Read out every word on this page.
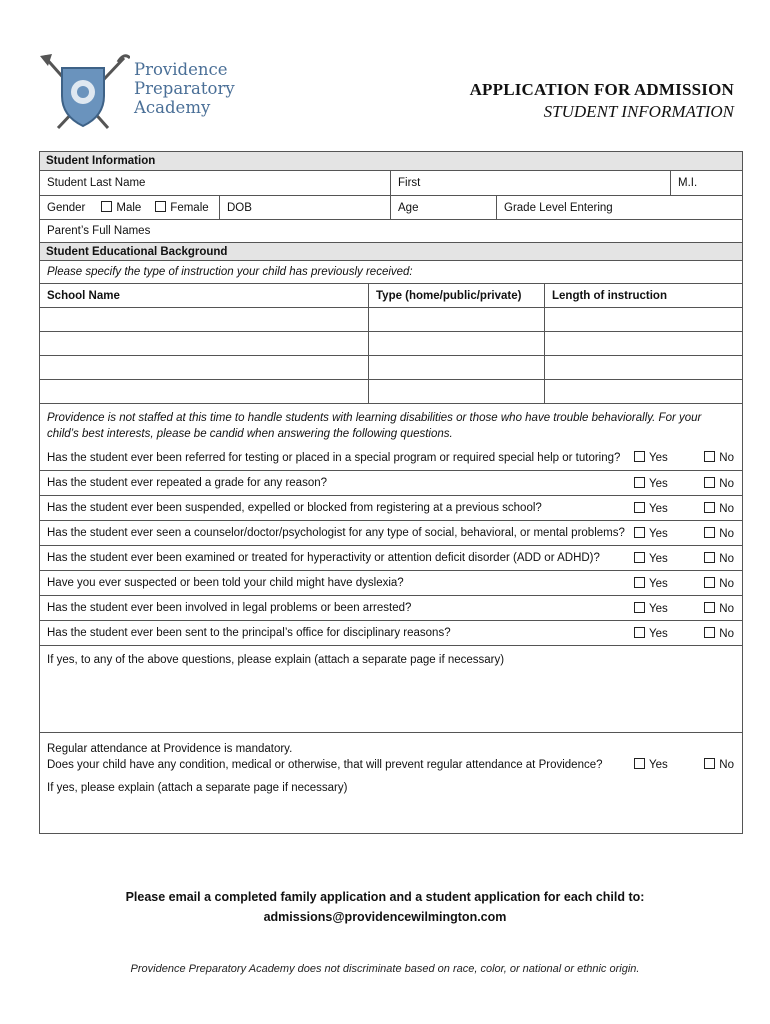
Providence
Preparatory
Academy
APPLICATION FOR ADMISSION
STUDENT INFORMATION
Student Information
Student Last Name	First	M.I.
Gender	Male	Female DOB	Age	Grade Level Entering
Parent’s Full Names
Student Educational Background
Please specify the type of instruction your child has previously received:
School Name	Type (home/public/private)	Length of instruction
Providence is not staffed at this time to handle students with learning disabilities or those who have trouble behaviorally. For your child’s best interests, please be candid when answering the following questions.
Has the student ever been referred for testing or placed in a special program or required special help or tutoring?	Yes	No
Has the student ever repeated a grade for any reason?	Yes	No
Has the student ever been suspended, expelled or blocked from registering at a previous school?	Yes	No
Has the student ever seen a counselor/doctor/psychologist for any type of social, behavioral, or mental problems?	Yes	No
Has the student ever been examined or treated for hyperactivity or attention deficit disorder (ADD or ADHD)?	Yes	No
Have you ever suspected or been told your child might have dyslexia?	Yes	No
Has the student ever been involved in legal problems or been arrested?	Yes	No
Has the student ever been sent to the principal’s office for disciplinary reasons?	Yes	No
If yes, to any of the above questions, please explain (attach a separate page if necessary)
Regular attendance at Providence is mandatory.
Does your child have any condition, medical or otherwise, that will prevent regular attendance at Providence?	Yes	No
If yes, please explain (attach a separate page if necessary)
Please email a completed family application and a student application for each child to:
admissions@providencewilmington.com
Providence Preparatory Academy does not discriminate based on race, color, or national or ethnic origin.
